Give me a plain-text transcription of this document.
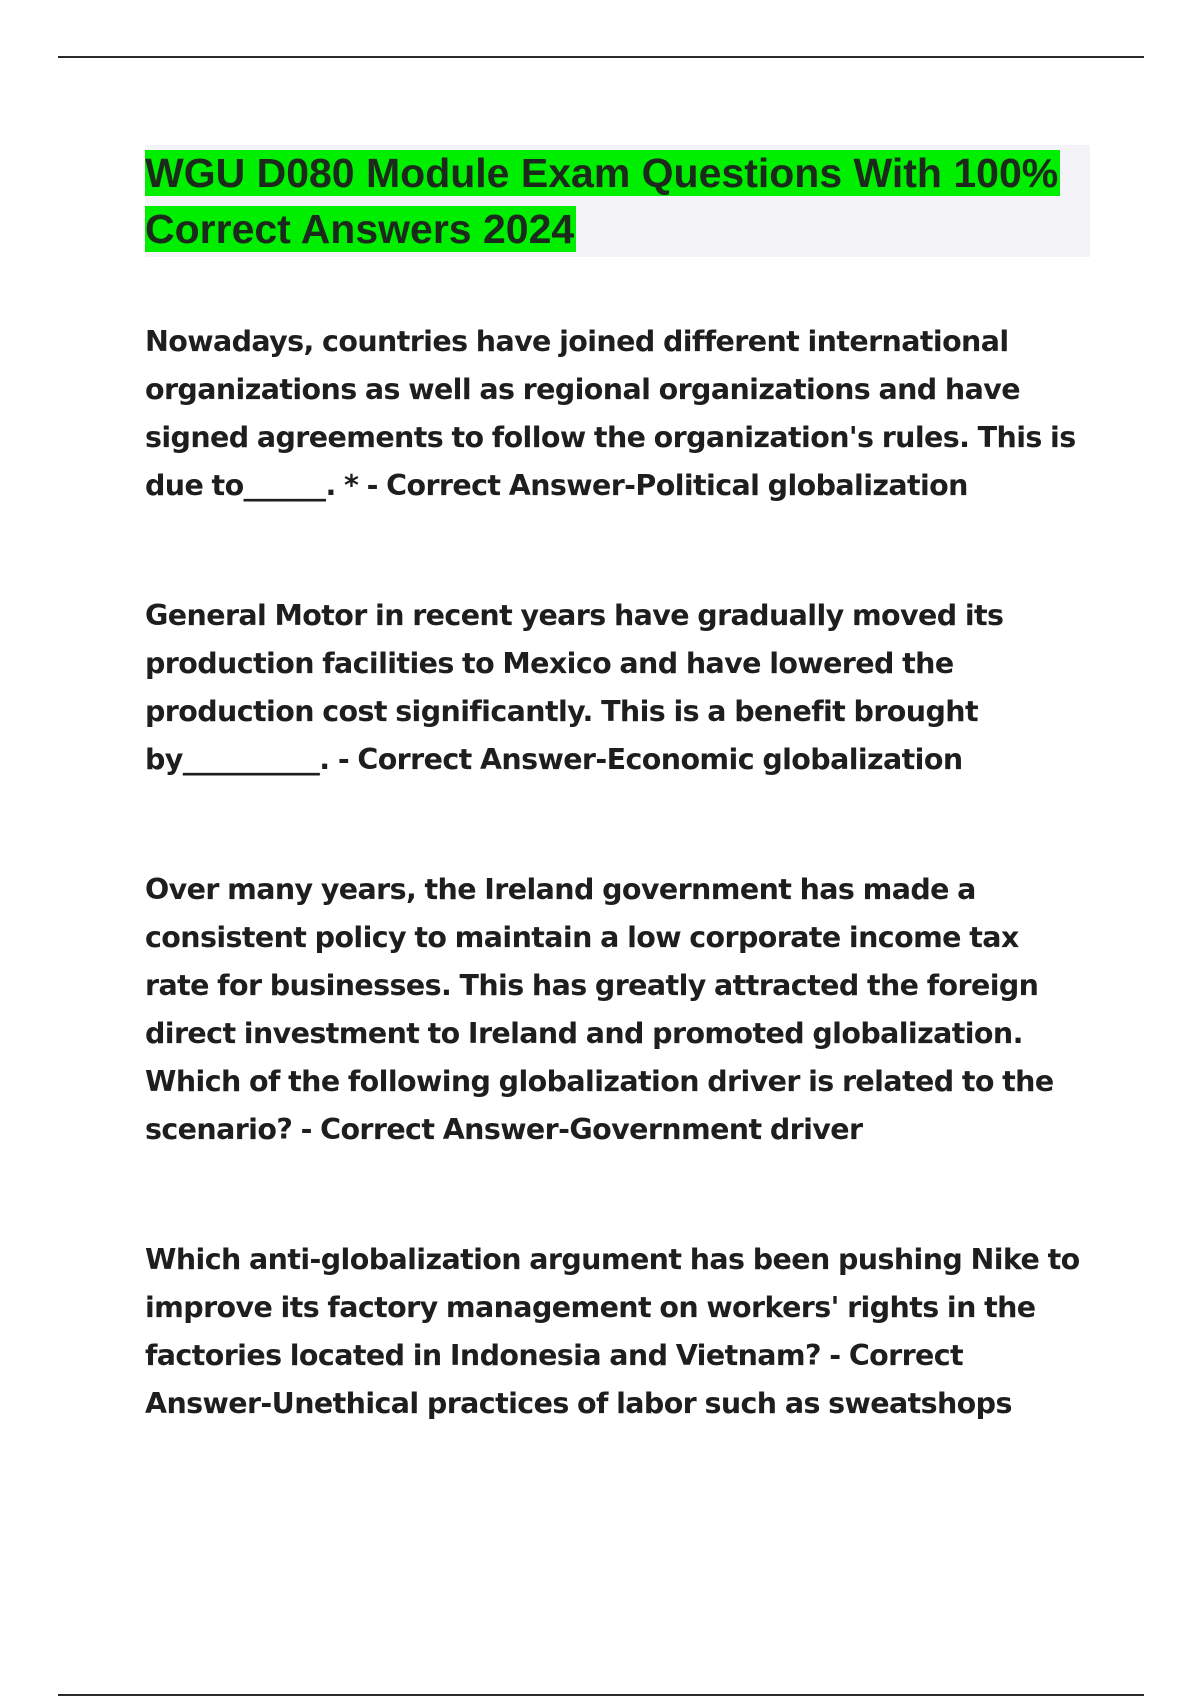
WGU D080 Module Exam Questions With 100% Correct Answers 2024

Nowadays, countries have joined different international organizations as well as regional organizations and have signed agreements to follow the organization's rules. This is due to______. * - Correct Answer-Political globalization

General Motor in recent years have gradually moved its production facilities to Mexico and have lowered the production cost significantly. This is a benefit brought by__________. - Correct Answer-Economic globalization

Over many years, the Ireland government has made a consistent policy to maintain a low corporate income tax rate for businesses. This has greatly attracted the foreign direct investment to Ireland and promoted globalization. Which of the following globalization driver is related to the scenario? - Correct Answer-Government driver

Which anti-globalization argument has been pushing Nike to improve its factory management on workers' rights in the factories located in Indonesia and Vietnam? - Correct Answer-Unethical practices of labor such as sweatshops
